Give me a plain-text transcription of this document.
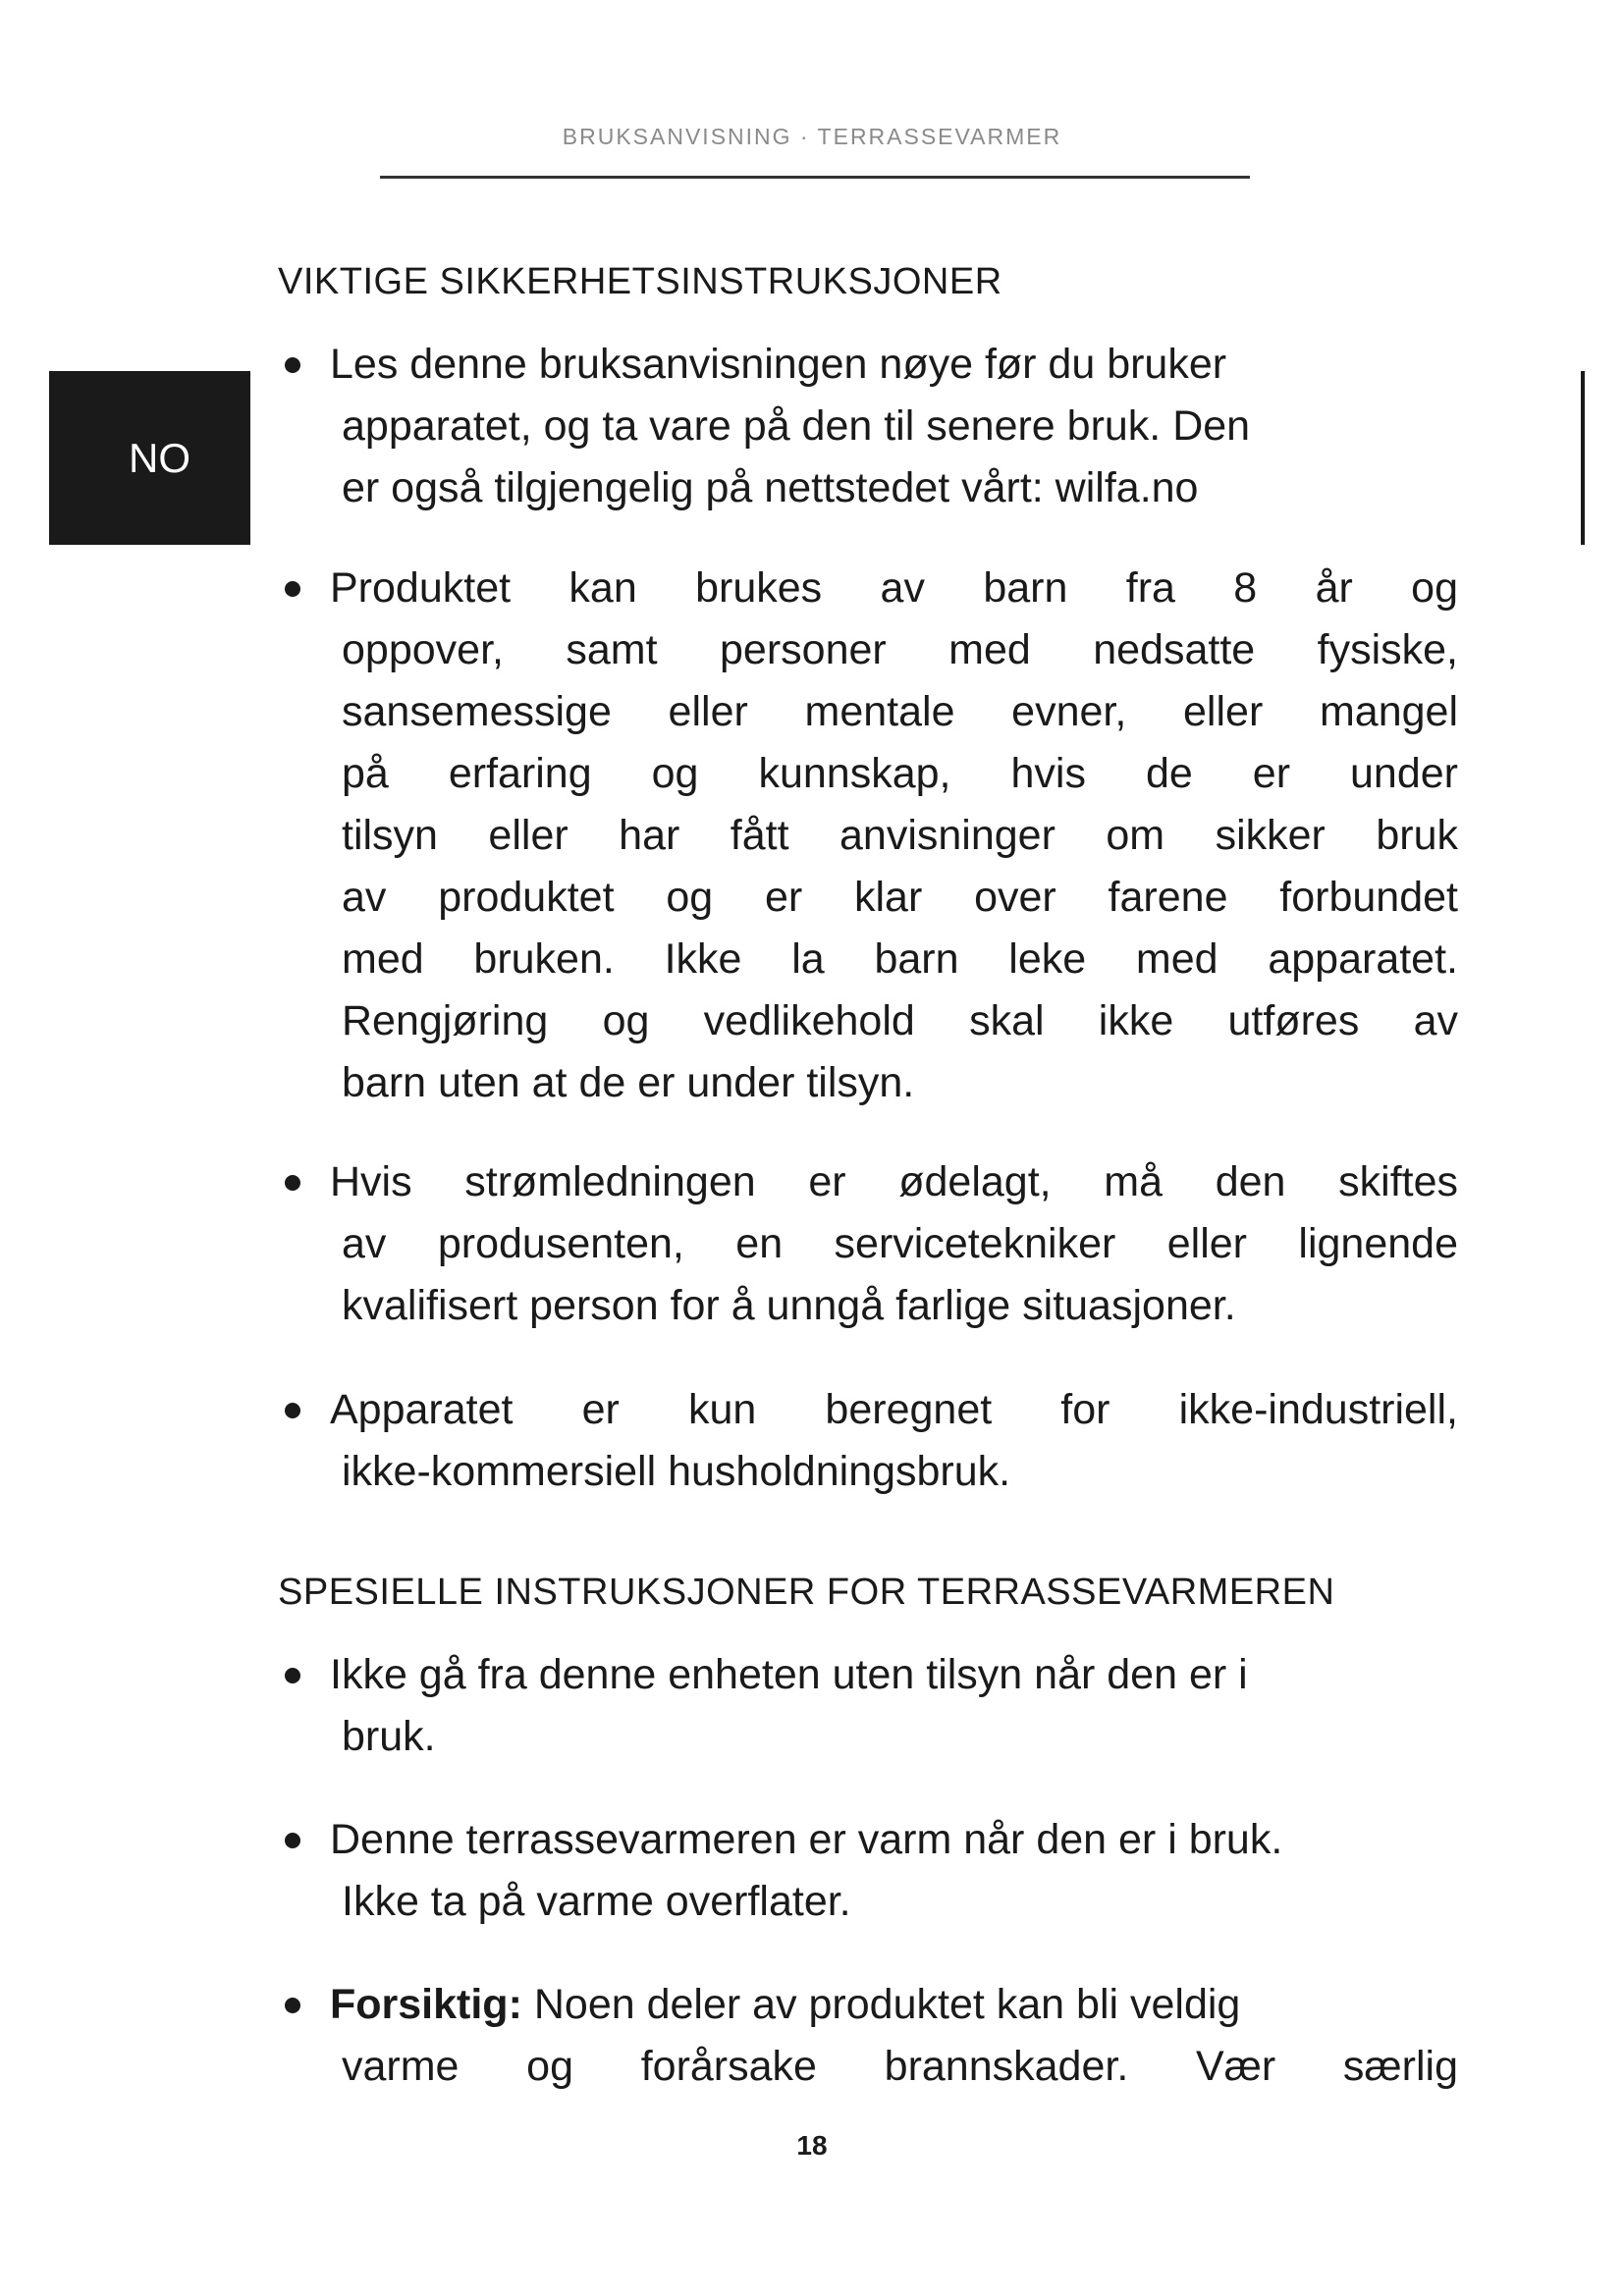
BRUKSANVISNING · TERRASSEVARMER
NO
VIKTIGE SIKKERHETSINSTRUKSJONER
Les denne bruksanvisningen nøye før du bruker
apparatet, og ta vare på den til senere bruk. Den
er også tilgjengelig på nettstedet vårt: wilfa.no
Produktet kan brukes av barn fra 8 år og
oppover, samt personer med nedsatte fysiske,
sansemessige eller mentale evner, eller mangel
på erfaring og kunnskap, hvis de er under
tilsyn eller har fått anvisninger om sikker bruk
av produktet og er klar over farene forbundet
med bruken. Ikke la barn leke med apparatet.
Rengjøring og vedlikehold skal ikke utføres av
barn uten at de er under tilsyn.
Hvis strømledningen er ødelagt, må den skiftes
av produsenten, en servicetekniker eller lignende
kvalifisert person for å unngå farlige situasjoner.
Apparatet er kun beregnet for ikke-industriell,
ikke-kommersiell husholdningsbruk.
SPESIELLE INSTRUKSJONER FOR TERRASSEVARMEREN
Ikke gå fra denne enheten uten tilsyn når den er i
bruk.
Denne terrassevarmeren er varm når den er i bruk.
Ikke ta på varme overflater.
Forsiktig: Noen deler av produktet kan bli veldig
varme og forårsake brannskader. Vær særlig
18
